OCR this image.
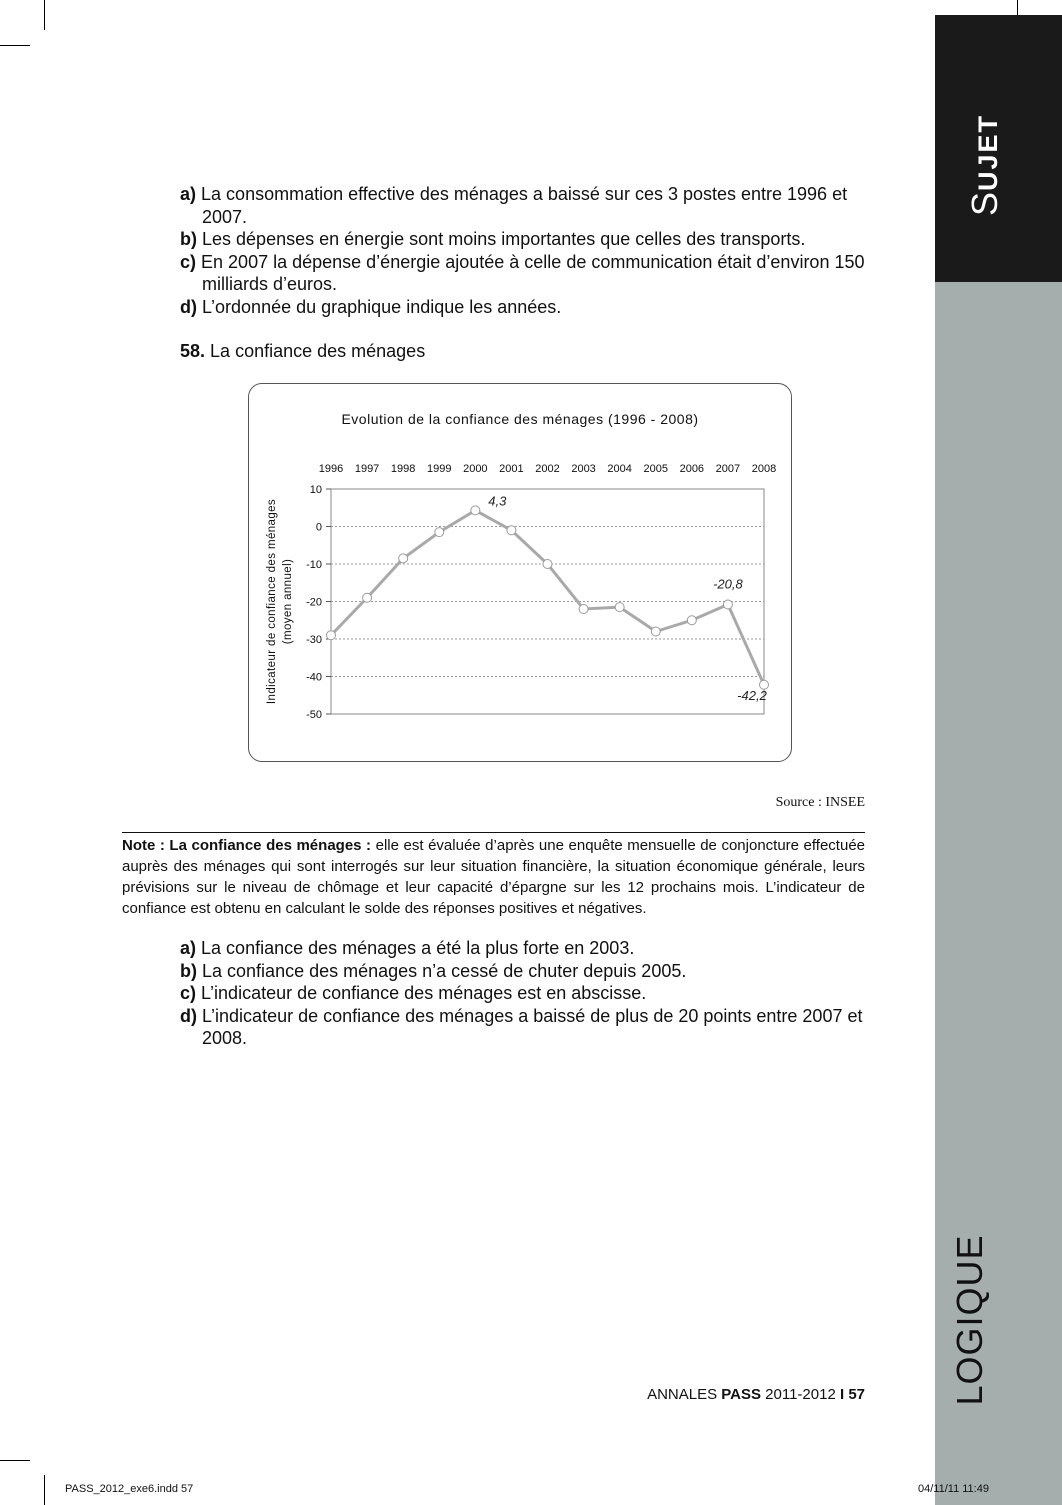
SUJET
LOGIQUE
a) La consommation effective des ménages a baissé sur ces 3 postes entre 1996 et 2007.
b) Les dépenses en énergie sont moins importantes que celles des transports.
c) En 2007 la dépense d’énergie ajoutée à celle de communication était d’environ 150 milliards d’euros.
d) L’ordonnée du graphique indique les années.
58. La confiance des ménages
Evolution de la confiance des ménages (1996 - 2008)
10
0
-10
-20
-30
-40
-50
1996 1997 1998 1999 2000 2001 2002 2003 2004 2005 2006 2007 2008
Indicateur de confiance des ménages (moyen annuel)
4,3
-20,8
-42,2
Source : INSEE
Note : La confiance des ménages : elle est évaluée d’après une enquête mensuelle de conjoncture effectuée auprès des ménages qui sont interrogés sur leur situation financière, la situation économique générale, leurs prévisions sur le niveau de chômage et leur capacité d’épargne sur les 12 prochains mois. L’indicateur de confiance est obtenu en calculant le solde des réponses positives et négatives.
a) La confiance des ménages a été la plus forte en 2003.
b) La confiance des ménages n’a cessé de chuter depuis 2005.
c) L’indicateur de confiance des ménages est en abscisse.
d) L’indicateur de confiance des ménages a baissé de plus de 20 points entre 2007 et 2008.
ANNALES PASS 2011-2012 I 57
PASS_2012_exe6.indd 57	04/11/11 11:49
